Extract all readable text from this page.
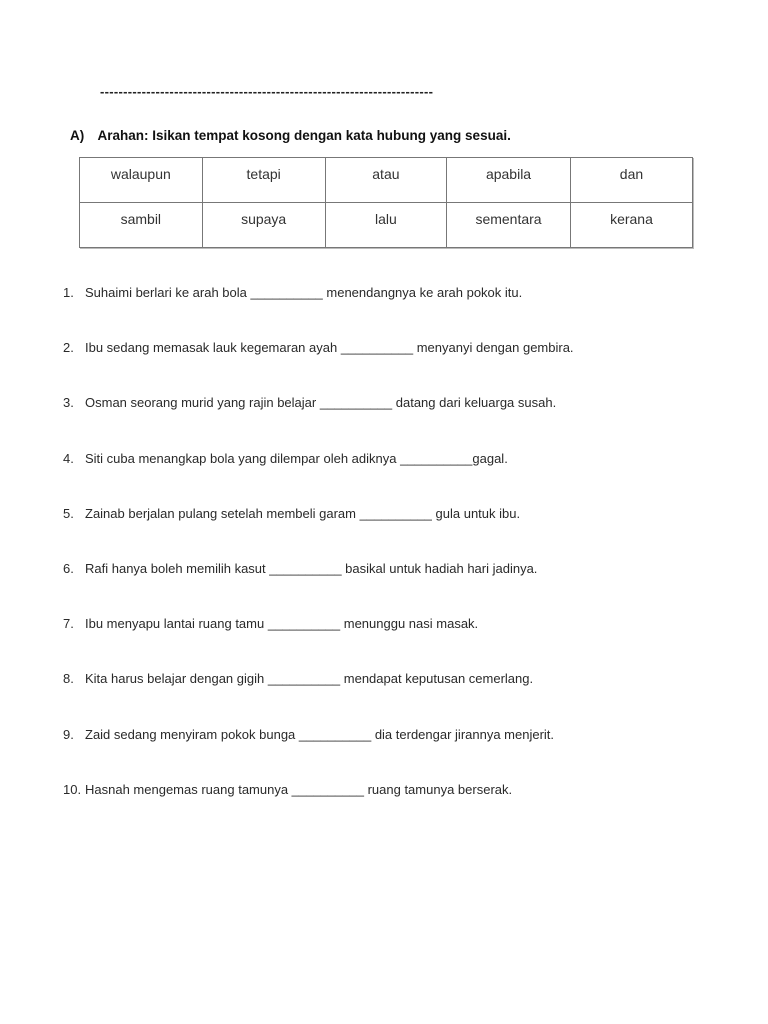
------------------------------------------------------------------------
A) Arahan: Isikan tempat kosong dengan kata hubung yang sesuai.
walaupun	tetapi	atau	apabila	dan
sambil	supaya	lalu	sementara	kerana
1. Suhaimi berlari ke arah bola __________ menendangnya ke arah pokok itu.
2. Ibu sedang memasak lauk kegemaran ayah __________ menyanyi dengan gembira.
3. Osman seorang murid yang rajin belajar __________ datang dari keluarga susah.
4. Siti cuba menangkap bola yang dilempar oleh adiknya __________gagal.
5. Zainab berjalan pulang setelah membeli garam __________ gula untuk ibu.
6. Rafi hanya boleh memilih kasut __________ basikal untuk hadiah hari jadinya.
7. Ibu menyapu lantai ruang tamu __________ menunggu nasi masak.
8. Kita harus belajar dengan gigih __________ mendapat keputusan cemerlang.
9. Zaid sedang menyiram pokok bunga __________ dia terdengar jirannya menjerit.
10. Hasnah mengemas ruang tamunya __________ ruang tamunya berserak.
